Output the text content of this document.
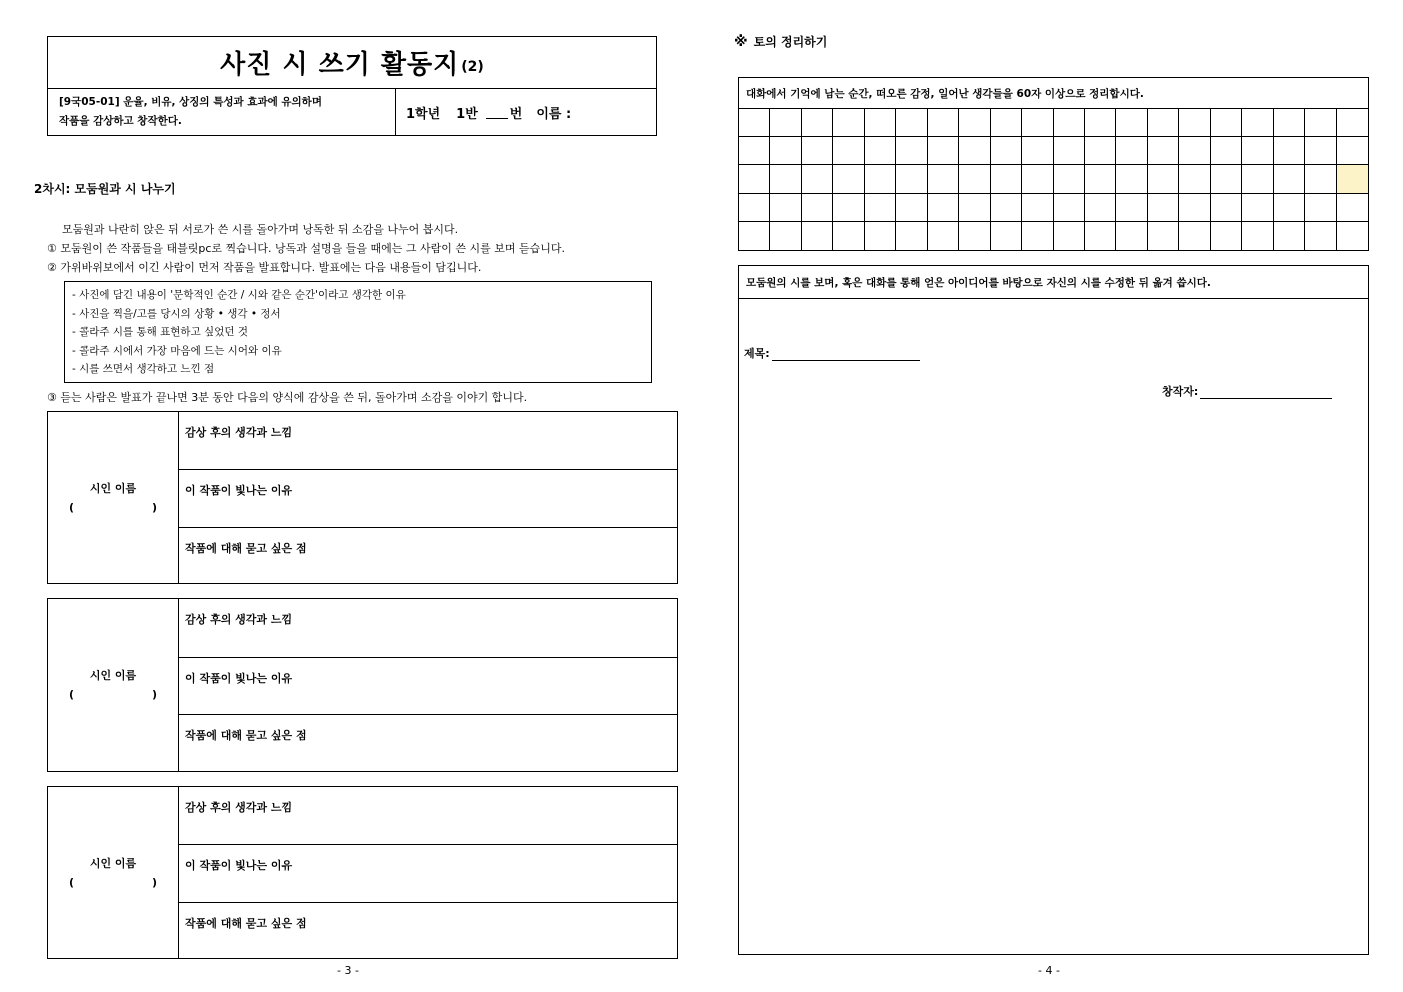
사진 시 쓰기 활동지 (2)
[9국05-01] 운율, 비유, 상징의 특성과 효과에 유의하며
작품을 감상하고 창작한다.	1학년 1반 번 이름 :
2차시: 모둠원과 시 나누기
모둠원과 나란히 앉은 뒤 서로가 쓴 시를 돌아가며 낭독한 뒤 소감을 나누어 봅시다.
① 모둠원이 쓴 작품들을 태블릿pc로 찍습니다. 낭독과 설명을 들을 때에는 그 사람이 쓴 시를 보며 듣습니다.
② 가위바위보에서 이긴 사람이 먼저 작품을 발표합니다. 발표에는 다음 내용들이 담깁니다.
- 사진에 담긴 내용이 '문학적인 순간 / 시와 같은 순간'이라고 생각한 이유
- 사진을 찍을/고를 당시의 상황 • 생각 • 정서
- 콜라주 시를 통해 표현하고 싶었던 것
- 콜라주 시에서 가장 마음에 드는 시어와 이유
- 시를 쓰면서 생각하고 느낀 점
③ 듣는 사람은 발표가 끝나면 3분 동안 다음의 양식에 감상을 쓴 뒤, 돌아가며 소감을 이야기 합니다.
시인 이름
(	)
감상 후의 생각과 느낌
이 작품이 빛나는 이유
작품에 대해 묻고 싶은 점
시인 이름
(	)
감상 후의 생각과 느낌
이 작품이 빛나는 이유
작품에 대해 묻고 싶은 점
시인 이름
(	)
감상 후의 생각과 느낌
이 작품이 빛나는 이유
작품에 대해 묻고 싶은 점
- 3 -
※ 토의 정리하기
대화에서 기억에 남는 순간, 떠오른 감정, 일어난 생각들을 60자 이상으로 정리합시다.
모둠원의 시를 보며, 혹은 대화를 통해 얻은 아이디어를 바탕으로 자신의 시를 수정한 뒤 옮겨 씁시다.
제목:
창작자:
- 4 -
